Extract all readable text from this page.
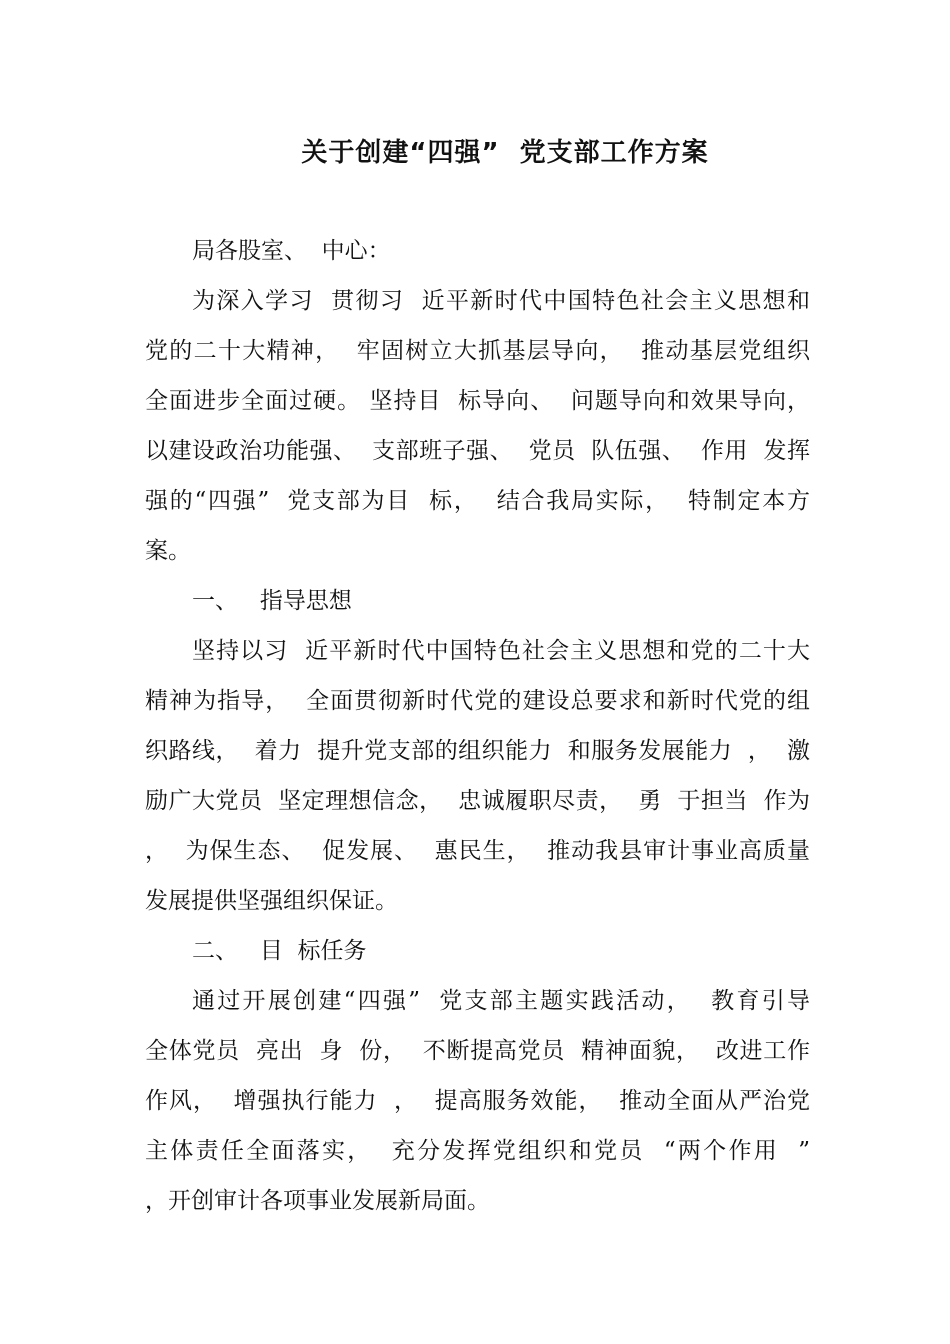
关于创建“四强”  党支部工作方案

局各股室、  中心：

为深入学习  贯彻习  近平新时代中国特色社会主义思想和

党的二十大精神，  牢固树立大抓基层导向，  推动基层党组织

全面进步全面过硬。 坚持目  标导向、  问题导向和效果导向，

以建设政治功能强、  支部班子强、  党员  队伍强、  作用  发挥

强的“四强”  党支部为目  标，  结合我局实际，  特制定本方

案。

一、   指导思想

坚持以习  近平新时代中国特色社会主义思想和党的二十大

精神为指导，  全面贯彻新时代党的建设总要求和新时代党的组

织路线，  着力  提升党支部的组织能力  和服务发展能力  ，  激

励广大党员  坚定理想信念，  忠诚履职尽责，  勇  于担当  作为

，  为保生态、  促发展、  惠民生，  推动我县审计事业高质量

发展提供坚强组织保证。

二、   目  标任务

通过开展创建“四强”  党支部主题实践活动，  教育引导

全体党员  亮出  身  份，  不断提高党员  精神面貌，  改进工作

作风，  增强执行能力  ，  提高服务效能，  推动全面从严治党

主体责任全面落实，  充分发挥党组织和党员  “两个作用  ”

，开创审计各项事业发展新局面。
